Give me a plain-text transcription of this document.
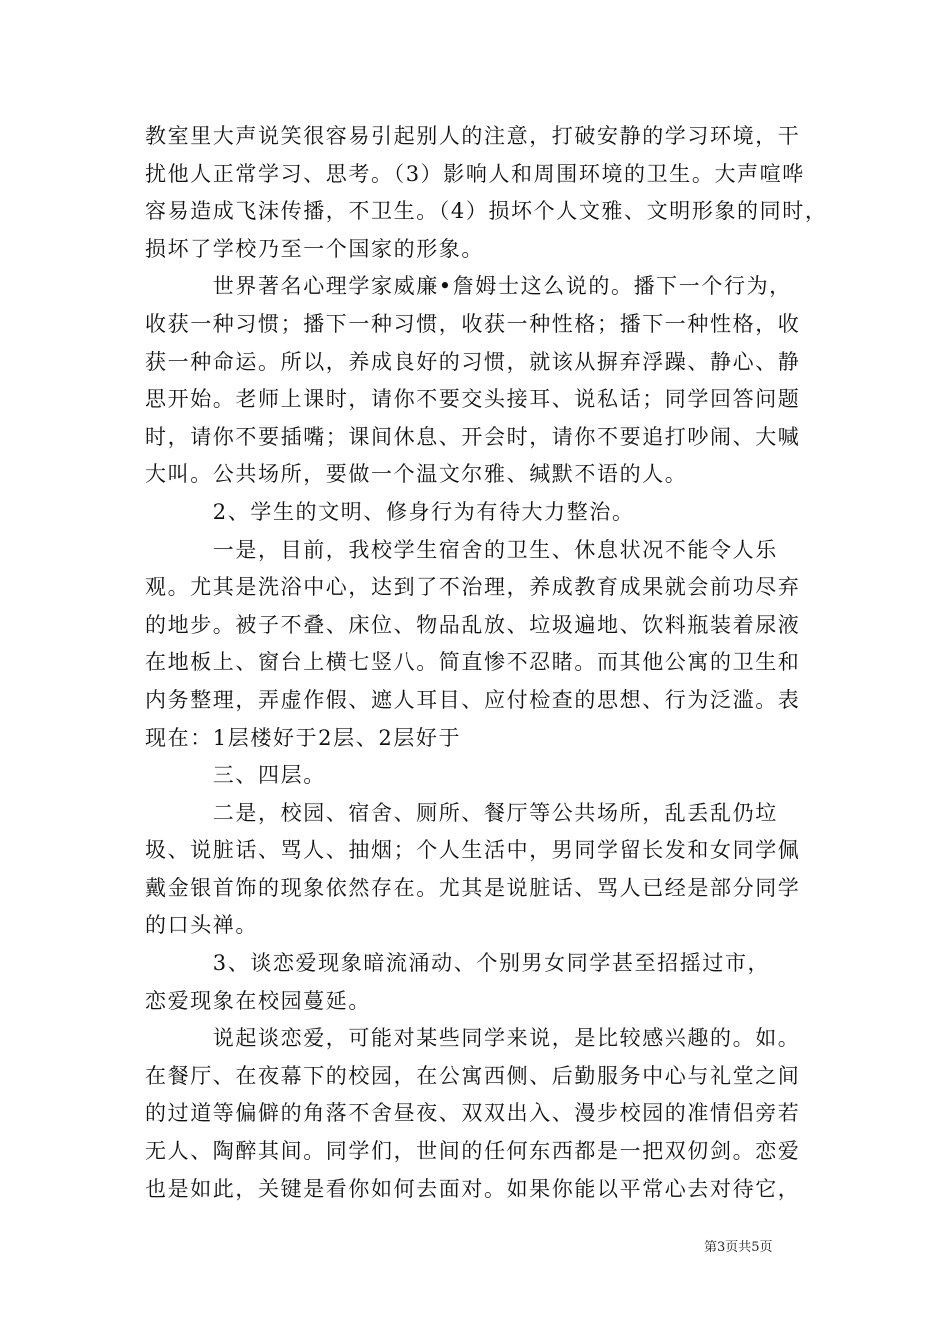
教室里大声说笑很容易引起别人的注意，打破安静的学习环境，干
扰他人正常学习、思考。（3）影响人和周围环境的卫生。大声喧哗
容易造成飞沫传播，不卫生。（4）损坏个人文雅、文明形象的同时，
损坏了学校乃至一个国家的形象。
　　　世界著名心理学家威廉•詹姆士这么说的。播下一个行为，
收获一种习惯；播下一种习惯，收获一种性格；播下一种性格，收
获一种命运。所以，养成良好的习惯，就该从摒弃浮躁、静心、静
思开始。老师上课时，请你不要交头接耳、说私话；同学回答问题
时，请你不要插嘴；课间休息、开会时，请你不要追打吵闹、大喊
大叫。公共场所，要做一个温文尔雅、缄默不语的人。
　　　2、学生的文明、修身行为有待大力整治。
　　　一是，目前，我校学生宿舍的卫生、休息状况不能令人乐
观。尤其是洗浴中心，达到了不治理，养成教育成果就会前功尽弃
的地步。被子不叠、床位、物品乱放、垃圾遍地、饮料瓶装着尿液
在地板上、窗台上横七竖八。简直惨不忍睹。而其他公寓的卫生和
内务整理，弄虚作假、遮人耳目、应付检查的思想、行为泛滥。表
现在：1层楼好于2层、2层好于
　　　三、四层。
　　　二是，校园、宿舍、厕所、餐厅等公共场所，乱丢乱仍垃
圾、说脏话、骂人、抽烟；个人生活中，男同学留长发和女同学佩
戴金银首饰的现象依然存在。尤其是说脏话、骂人已经是部分同学
的口头禅。
　　　3、谈恋爱现象暗流涌动、个别男女同学甚至招摇过市，
恋爱现象在校园蔓延。
　　　说起谈恋爱，可能对某些同学来说，是比较感兴趣的。如。
在餐厅、在夜幕下的校园，在公寓西侧、后勤服务中心与礼堂之间
的过道等偏僻的角落不舍昼夜、双双出入、漫步校园的准情侣旁若
无人、陶醉其间。同学们，世间的任何东西都是一把双仞剑。恋爱
也是如此，关键是看你如何去面对。如果你能以平常心去对待它，
第3页共5页
